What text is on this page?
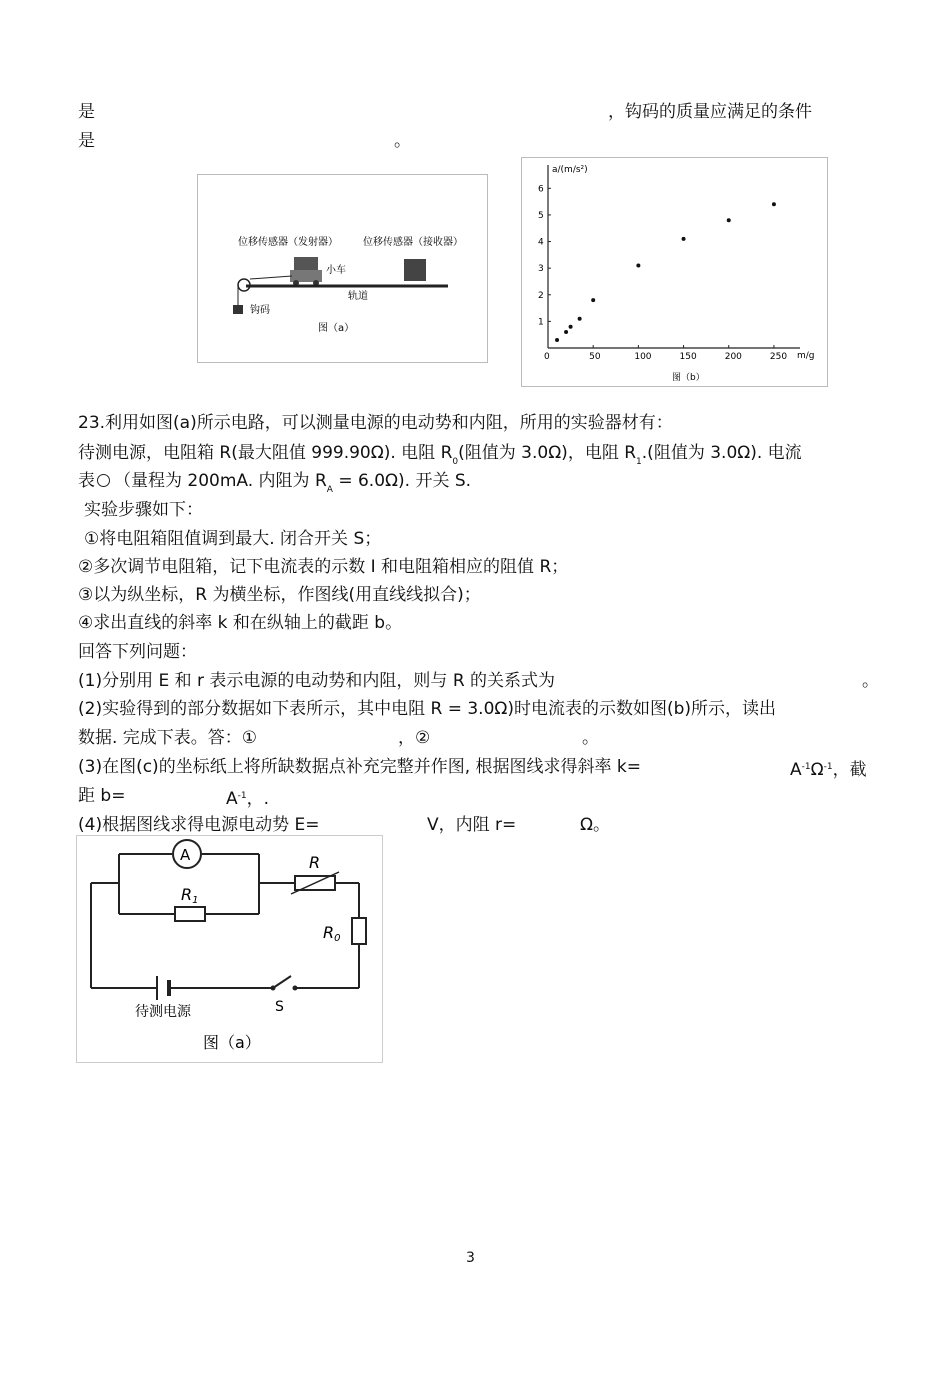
是	，钩码的质量应满足的条件
是	。
位移传感器（发射器）	位移传感器（接收器）
小车
轨道
钩码
图（a）
a/(m/s²)
m/g
图（b）
0	50	100	150	200	250
1
2
3
4
5
6
23.利用如图(a)所示电路，可以测量电源的电动势和内阻，所用的实验器材有：
待测电源，电阻箱 R(最大阻值 999.90Ω). 电阻 $R_0$(阻值为 3.0Ω)，电阻 $R_1$.(阻值为 3.0Ω). 电流
表 （量程为 200mA. 内阻为 $R_A = 6.0\Omega$). 开关 S.
实验步骤如下：
①将电阻箱阻值调到最大. 闭合开关 S；
②多次调节电阻箱，记下电流表的示数 I 和电阻箱相应的阻值 R；
③以为纵坐标，R 为横坐标，作图线(用直线线拟合)；
④求出直线的斜率 k 和在纵轴上的截距 b。
回答下列问题：
(1)分别用 E 和 r 表示电源的电动势和内阻，则与 R 的关系式为	。
(2)实验得到的部分数据如下表所示，其中电阻 R = 3.0Ω)时电流表的示数如图(b)所示，读出
数据. 完成下表。答：①	，②	。
(3)在图(c)的坐标纸上将所缺数据点补充完整并作图, 根据图线求得斜率 k=	$A^{-1}\Omega^{-1}$，截
距 b=	$A^{-1}$，.
(4)根据图线求得电源电动势 E=	V，内阻 r=	Ω。
A
R1
R
R0
待测电源	S
图（a）
3
